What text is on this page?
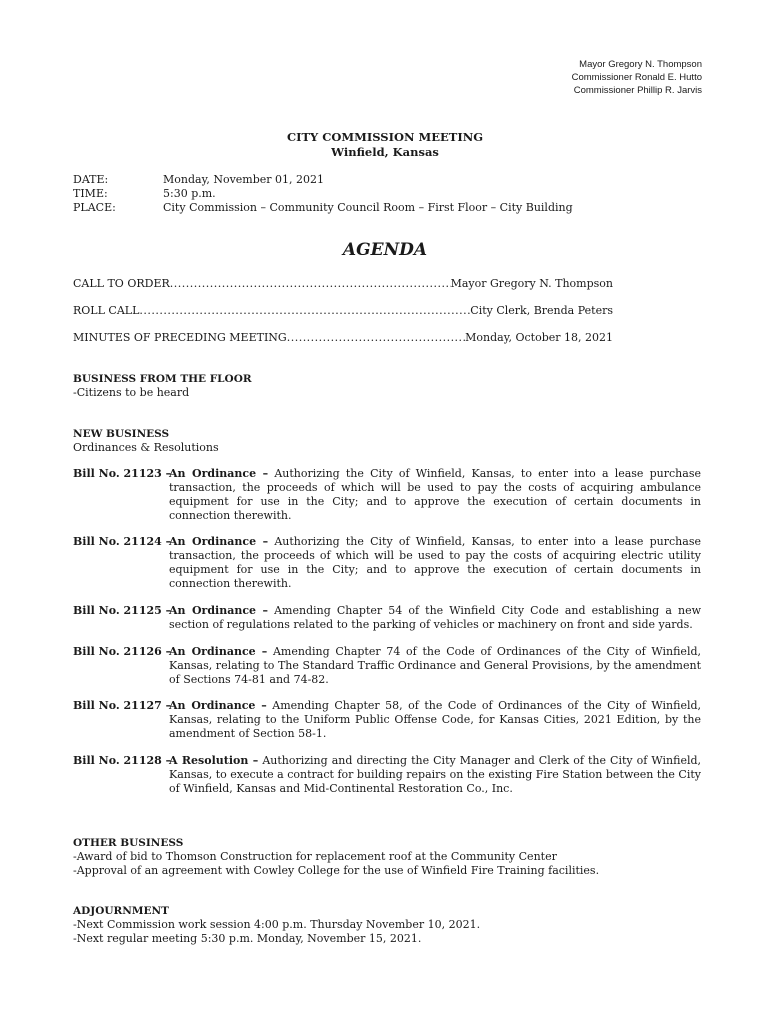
Mayor Gregory N. Thompson
Commissioner Ronald E. Hutto
Commissioner Phillip R. Jarvis
CITY COMMISSION MEETING
Winfield, Kansas
DATE:	Monday, November 01, 2021
TIME:	5:30 p.m.
PLACE:	City Commission – Community Council Room – First Floor – City Building
AGENDA
CALL TO ORDER .....	Mayor Gregory N. Thompson
ROLL CALL .....	City Clerk, Brenda Peters
MINUTES OF PRECEDING MEETING .....	Monday, October 18, 2021
BUSINESS FROM THE FLOOR
-Citizens to be heard
NEW BUSINESS
Ordinances & Resolutions
Bill No. 21123 –
An Ordinance – Authorizing the City of Winfield, Kansas, to enter into a lease purchase transaction, the proceeds of which will be used to pay the costs of acquiring ambulance equipment for use in the City; and to approve the execution of certain documents in connection therewith.
Bill No. 21124 –
An Ordinance – Authorizing the City of Winfield, Kansas, to enter into a lease purchase transaction, the proceeds of which will be used to pay the costs of acquiring electric utility equipment for use in the City; and to approve the execution of certain documents in connection therewith.
Bill No. 21125 –
An Ordinance – Amending Chapter 54 of the Winfield City Code and establishing a new section of regulations related to the parking of vehicles or machinery on front and side yards.
Bill No. 21126 –
An Ordinance – Amending Chapter 74 of the Code of Ordinances of the City of Winfield, Kansas, relating to The Standard Traffic Ordinance and General Provisions, by the amendment of Sections 74-81 and 74-82.
Bill No. 21127 –
An Ordinance – Amending Chapter 58, of the Code of Ordinances of the City of Winfield, Kansas, relating to the Uniform Public Offense Code, for Kansas Cities, 2021 Edition, by the amendment of Section 58-1.
Bill No. 21128 –
A Resolution – Authorizing and directing the City Manager and Clerk of the City of Winfield, Kansas, to execute a contract for building repairs on the existing Fire Station between the City of Winfield, Kansas and Mid-Continental Restoration Co., Inc.
OTHER BUSINESS
-Award of bid to Thomson Construction for replacement roof at the Community Center
-Approval of an agreement with Cowley College for the use of Winfield Fire Training facilities.
ADJOURNMENT
-Next Commission work session 4:00 p.m. Thursday November 10, 2021.
-Next regular meeting 5:30 p.m. Monday, November 15, 2021.
